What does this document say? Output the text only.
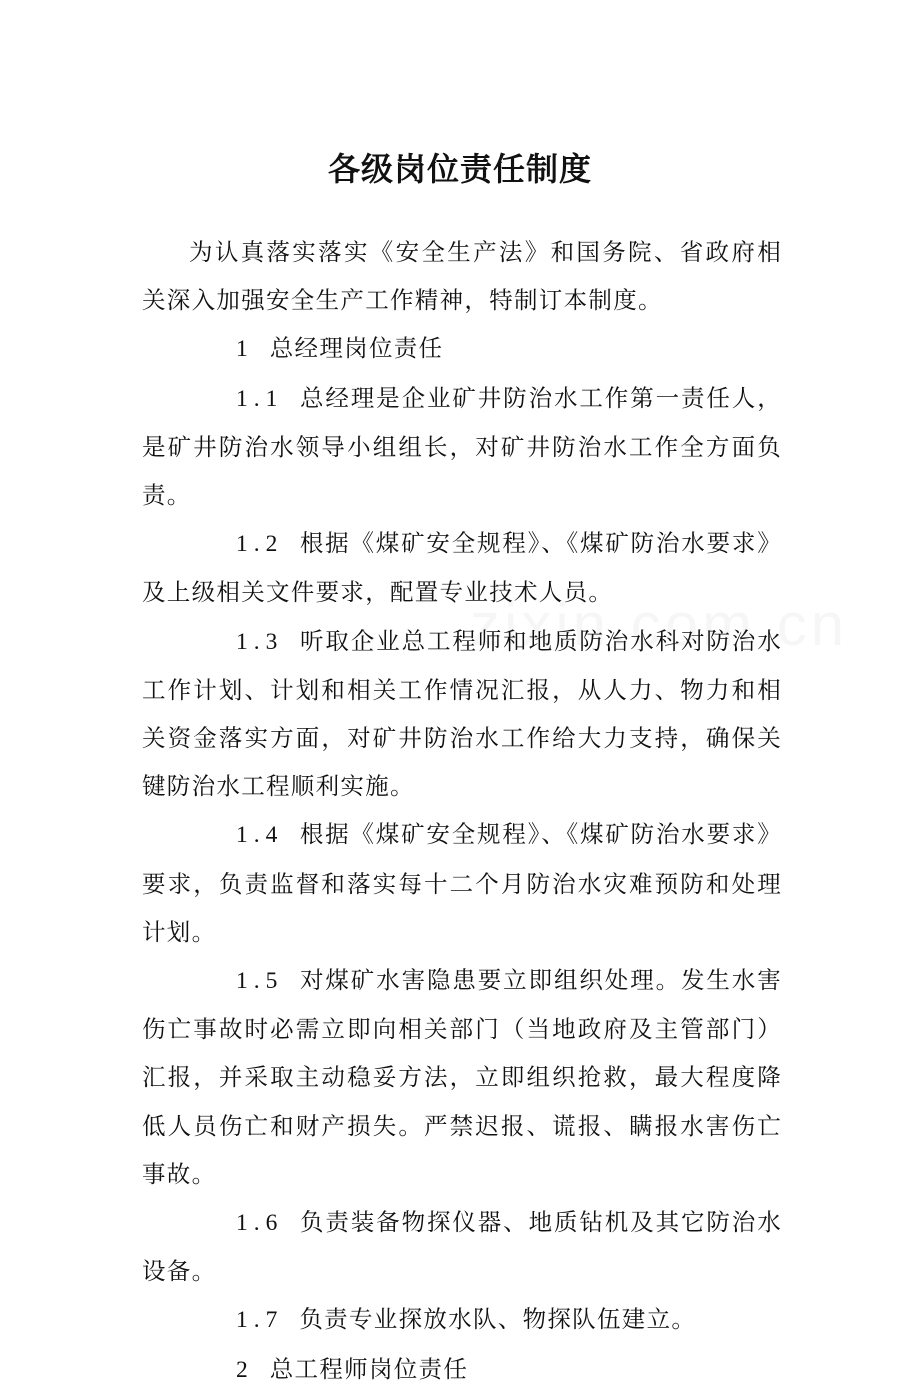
各级岗位责任制度

为认真落实落实《安全生产法》和国务院、省政府相关深入加强安全生产工作精神，特制订本制度。

1 总经理岗位责任

1.1 总经理是企业矿井防治水工作第一责任人，是矿井防治水领导小组组长，对矿井防治水工作全方面负责。

1.2 根据《煤矿安全规程》、《煤矿防治水要求》及上级相关文件要求，配置专业技术人员。

1.3 听取企业总工程师和地质防治水科对防治水工作计划、计划和相关工作情况汇报，从人力、物力和相关资金落实方面，对矿井防治水工作给大力支持，确保关键防治水工程顺利实施。

1.4 根据《煤矿安全规程》、《煤矿防治水要求》要求，负责监督和落实每十二个月防治水灾难预防和处理计划。

1.5 对煤矿水害隐患要立即组织处理。发生水害伤亡事故时必需立即向相关部门（当地政府及主管部门）汇报，并采取主动稳妥方法，立即组织抢救，最大程度降低人员伤亡和财产损失。严禁迟报、谎报、瞒报水害伤亡事故。

1.6 负责装备物探仪器、地质钻机及其它防治水设备。

1.7 负责专业探放水队、物探队伍建立。

2 总工程师岗位责任
